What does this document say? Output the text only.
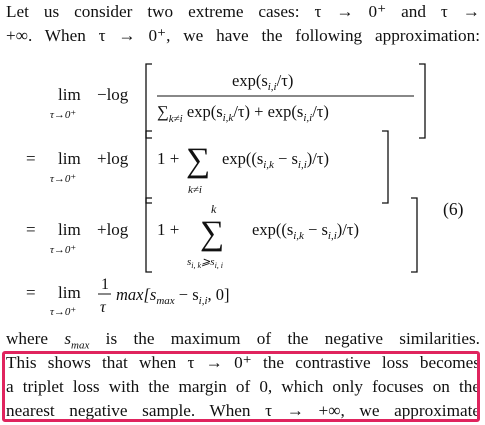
Let us consider two extreme cases: τ → 0⁺ and τ →

+∞. When τ → 0⁺, we have the following approximation:

lim
τ→0⁺
−log
$\exp(s_{i,i}/\tau)$
$\sum_{k\ne i}$ $\exp(s_{i,k}/\tau) + \exp(s_{i,i}/\tau)$
= lim
τ→0⁺
+log 1 + ∑
k≠i
$\exp((s_{i,k} - s_{i,i})/\tau)$
= lim
τ→0⁺
+log 1 +
k
∑
$s_{i, k}⩾s_{i, i}$
$\exp((s_{i,k} - s_{i,i})/\tau)$
= lim
τ→0⁺
1
τ
$\max[s_{max} - s_{i,i}$, 0]
(6)

where $s_{max}$ is the maximum of the negative similarities.

This shows that when τ → 0⁺ the contrastive loss becomes

a triplet loss with the margin of 0, which only focuses on the

nearest negative sample. When τ → +∞, we approximate
